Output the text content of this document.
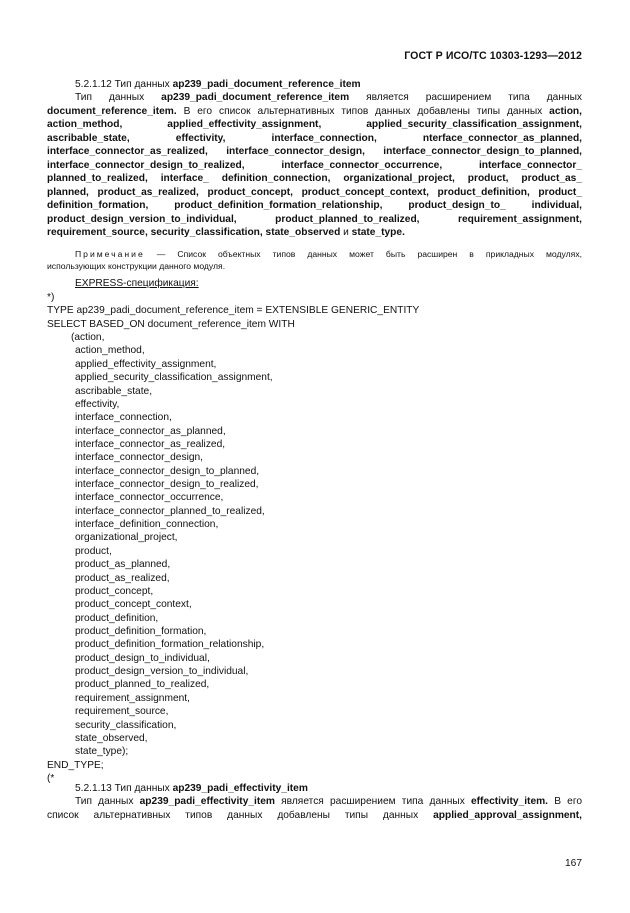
ГОСТ Р ИСО/ТС 10303-1293—2012
5.2.1.12 Тип данных ap239_padi_document_reference_item
Тип данных ap239_padi_document_reference_item является расширением типа данных
document_reference_item. В его список альтернативных типов данных добавлены типы данных action,
action_method, applied_effectivity_assignment, applied_security_classification_assignment,
ascribable_state, effectivity, interface_connection, nterface_connector_as_planned,
interface_connector_as_realized, interface_connector_design, interface_connector_design_to_planned,
interface_connector_design_to_realized, interface_connector_occurrence, interface_connector_
planned_to_realized, interface_ definition_connection, organizational_project, product, product_as_
planned, product_as_realized, product_concept, product_concept_context, product_definition, product_
definition_formation, product_definition_formation_relationship, product_design_to_ individual,
product_design_version_to_individual, product_planned_to_realized, requirement_assignment,
requirement_source, security_classification, state_observed и state_type.
Примечание — Список объектных типов данных может быть расширен в прикладных модулях,
использующих конструкции данного модуля.
EXPRESS-спецификация:
*)
TYPE ap239_padi_document_reference_item = EXTENSIBLE GENERIC_ENTITY
SELECT BASED_ON document_reference_item WITH
(action,
action_method,
applied_effectivity_assignment,
applied_security_classification_assignment,
ascribable_state,
effectivity,
interface_connection,
interface_connector_as_planned,
interface_connector_as_realized,
interface_connector_design,
interface_connector_design_to_planned,
interface_connector_design_to_realized,
interface_connector_occurrence,
interface_connector_planned_to_realized,
interface_definition_connection,
organizational_project,
product,
product_as_planned,
product_as_realized,
product_concept,
product_concept_context,
product_definition,
product_definition_formation,
product_definition_formation_relationship,
product_design_to_individual,
product_design_version_to_individual,
product_planned_to_realized,
requirement_assignment,
requirement_source,
security_classification,
state_observed,
state_type);
END_TYPE;
(*
5.2.1.13 Тип данных ap239_padi_effectivity_item
Тип данных ap239_padi_effectivity_item является расширением типа данных effectivity_item. В его
список альтернативных типов данных добавлены типы данных applied_approval_assignment,
167
